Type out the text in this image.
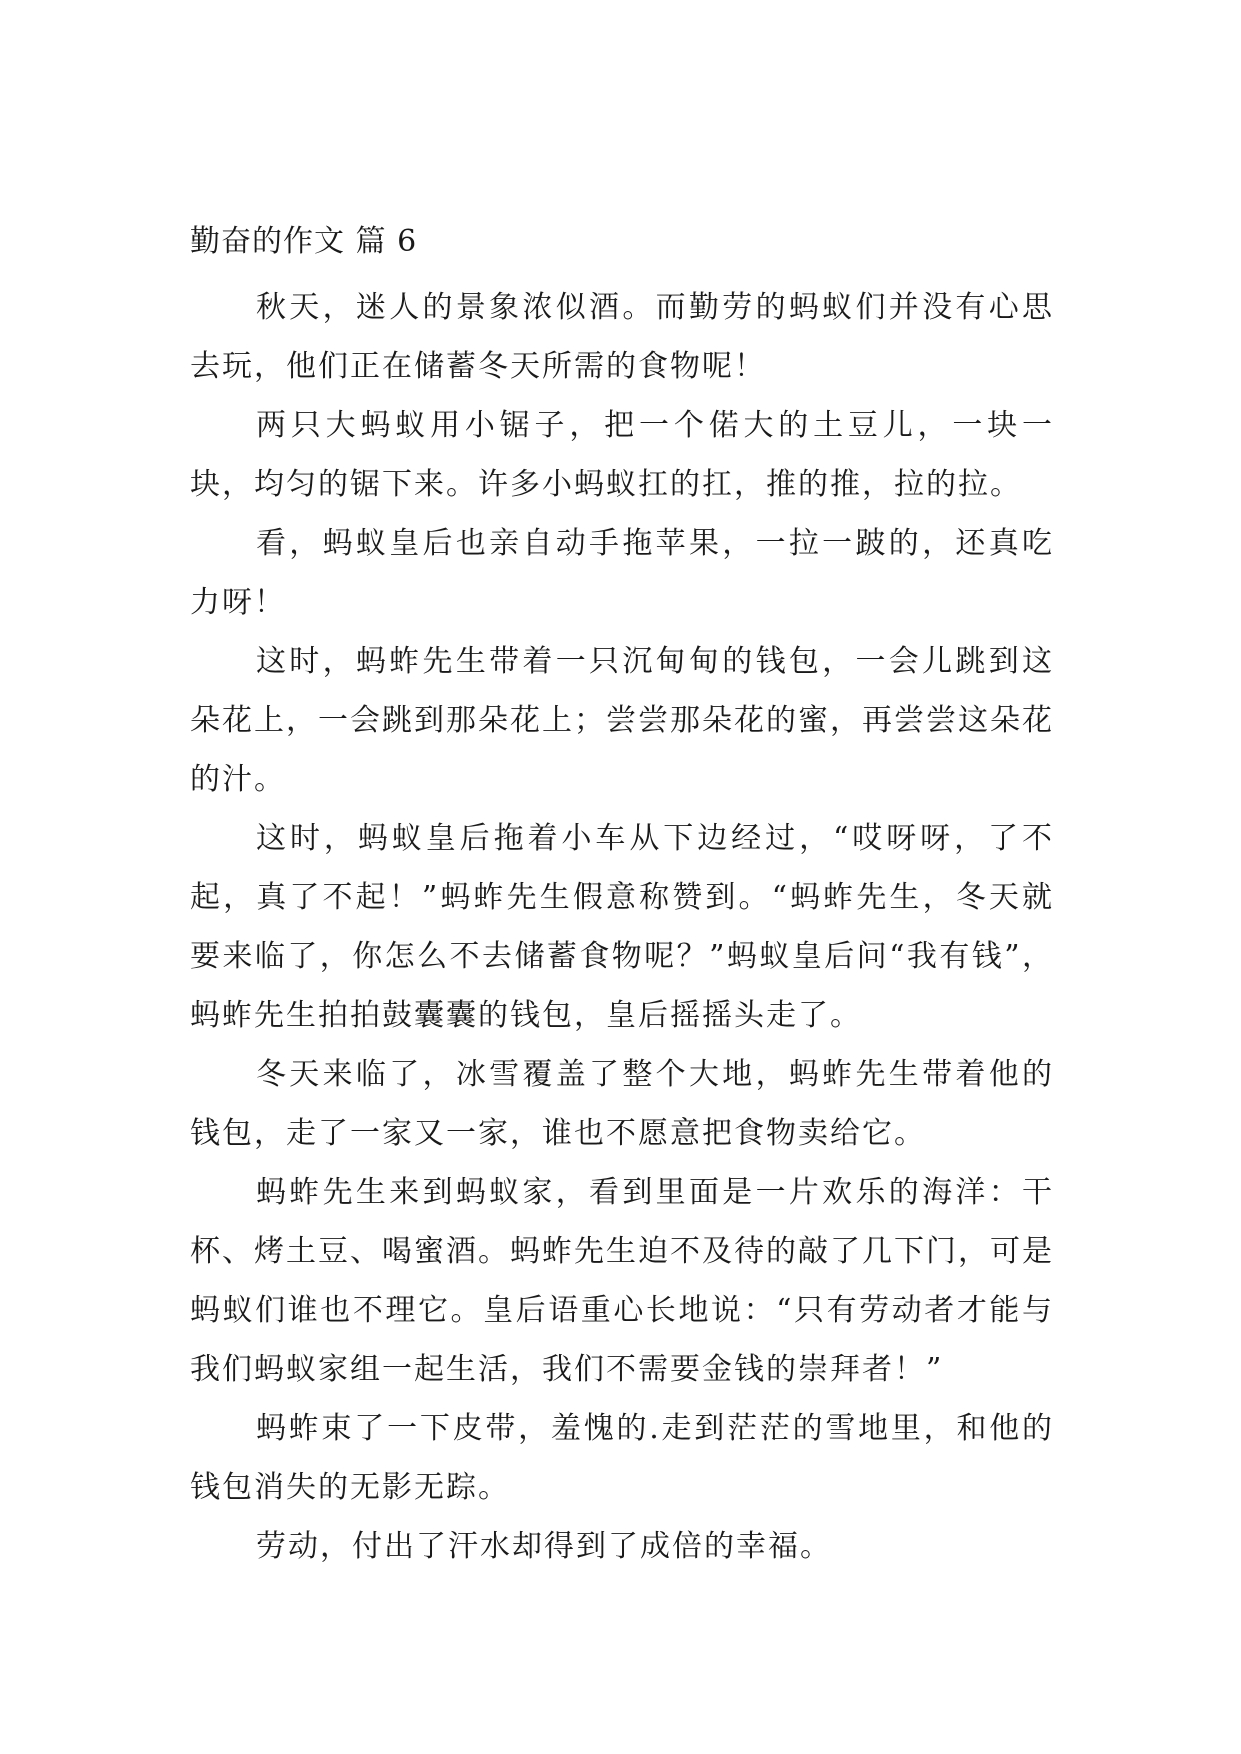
勤奋的作文 篇 6

秋天，迷人的景象浓似酒。而勤劳的蚂蚁们并没有心思去玩，他们正在储蓄冬天所需的食物呢！

两只大蚂蚁用小锯子，把一个偌大的土豆儿，一块一块，均匀的锯下来。许多小蚂蚁扛的扛，推的推，拉的拉。

看，蚂蚁皇后也亲自动手拖苹果，一拉一跛的，还真吃力呀！

这时，蚂蚱先生带着一只沉甸甸的钱包，一会儿跳到这朵花上，一会跳到那朵花上；尝尝那朵花的蜜，再尝尝这朵花的汁。

这时，蚂蚁皇后拖着小车从下边经过，“哎呀呀，了不起，真了不起！”蚂蚱先生假意称赞到。“蚂蚱先生，冬天就要来临了，你怎么不去储蓄食物呢？”蚂蚁皇后问“我有钱”，蚂蚱先生拍拍鼓囊囊的钱包，皇后摇摇头走了。

冬天来临了，冰雪覆盖了整个大地，蚂蚱先生带着他的钱包，走了一家又一家，谁也不愿意把食物卖给它。

蚂蚱先生来到蚂蚁家，看到里面是一片欢乐的海洋：干杯、烤土豆、喝蜜酒。蚂蚱先生迫不及待的敲了几下门，可是蚂蚁们谁也不理它。皇后语重心长地说：“只有劳动者才能与我们蚂蚁家组一起生活，我们不需要金钱的崇拜者！”

蚂蚱束了一下皮带，羞愧的.走到茫茫的雪地里，和他的钱包消失的无影无踪。

劳动，付出了汗水却得到了成倍的幸福。
